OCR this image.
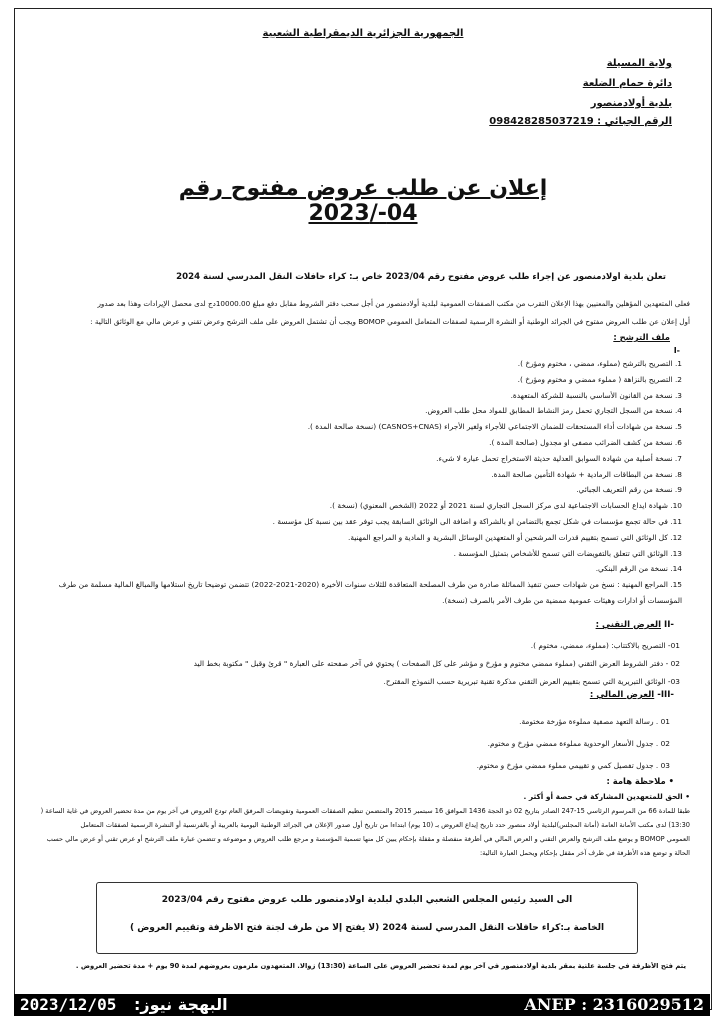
الجمهورية الجزائرية الديمقراطية الشعبية
ولاية المسيلة
دائرة حمام الضلعة
بلدية أولادمنصور
الرقم الجبائي : 098428285037219
إعلان عن طلب عروض مفتوح رقم 04-/2023
تعلن بلدية أولادمنصور عن إجراء طلب عروض مفتوح رقم 2023/04 خاص بـ: كراء حافلات النقل المدرسي لسنة 2024
فعلى المتعهدين المؤهلين والمعنيين بهذا الإعلان التقرب من مكتب الصفقات العمومية لبلدية أولادمنصور من أجل سحب دفتر الشروط مقابل دفع مبلغ 10000.00دج لدى محصل الإيرادات وهذا بعد صدور
أول إعلان عن طلب العروض مفتوح في الجرائد الوطنية أو النشرة الرسمية لصفقات المتعامل العمومي BOMOP ويجب أن تشتمل العروض على ملف الترشح وعرض تقني و عرض مالي مع الوثائق التالية :
ملف الترشح :
-I
1. التصريح بالترشح (مملوء، ممضي ، مختوم ومؤرخ ).
2. التصريح بالنزاهة ( مملوء ممضي و مختوم ومؤرخ ).
3. نسخة من القانون الأساسي بالنسبة للشركة المتعهدة.
4. نسخة من السجل التجاري تحمل رمز النشاط المطابق للمواد محل طلب العروض.
5. نسخة من شهادات أداء المستحقات للضمان الاجتماعي للأجراء ولغير الأجراء (CASNOS+CNAS) (نسخة صالحة المدة ).
6. نسخة من كشف الضرائب مصفى او مجدول (صالحة المدة ).
7. نسخة أصلية من شهادة السوابق العدلية حديثة الاستخراج تحمل عبارة لا شيء.
8. نسخة من البطاقات الرمادية + شهادة التأمين صالحة المدة.
9. نسخة من رقم التعريف الجبائي.
10. شهادة ايداع الحسابات الاجتماعية لدى مركز السجل التجاري لسنة 2021 أو 2022 (الشخص المعنوي) (نسخة ).
11. في حالة تجمع مؤسسات في شكل تجمع بالتضامن او بالشراكة و اضافة الى الوثائق السابقة يجب توفر عقد بين نسبة كل مؤسسة .
12. كل الوثائق التي تسمح بتقييم قدرات المرشحين أو المتعهدين الوسائل البشرية و المادية و المراجع المهنية.
13. الوثائق التي تتعلق بالتفويضات التي تسمح للأشخاص بتمثيل المؤسسة .
14. نسخة من الرقم البنكي.
15. المراجع المهنية : نسخ من شهادات حسن تنفيذ المماثلة صادرة من طرف المصلحة المتعاقدة للثلاث سنوات الأخيرة (2020-2021-2022) تتضمن توضيحا تاريخ استلامها والمبالغ المالية مسلمة من طرف
المؤسسات أو ادارات وهيئات عمومية ممضية من طرف الأمر بالصرف (نسخة).
-II العرض التقني :
01- التصريح بالاكتتاب: (مملوء، ممضي، مختوم ).
02 - دفتر الشروط العرض التقني (مملوء ممضي مختوم و مؤرخ و مؤشر على كل الصفحات ) يحتوي في آخر صفحته على العبارة " قرئ وقبل " مكتوبة بخط اليد
03- الوثائق التبريرية التي تسمح بتقييم العرض التقني مذكرة تقنية تبريرية حسب النموذج المقترح.
-III- العرض المالي :
01 . رسالة التعهد مصفية مملوءة مؤرخة مختومة.
02 . جدول الأسعار الوحدوية مملوءة ممضي مؤرخ و مختوم.
03 . جدول تفصيل كمي و تقييمي مملوء ممضي مؤرخ و مختوم.
• ملاحظة هامة :
• الحق للمتعهدين المشاركة في حصة أو أكثر .
طبقا للمادة 66 من المرسوم الرئاسي 15-247 الصادر بتاريخ 02 ذو الحجة 1436 الموافق 16 سبتمبر 2015 والمتضمن تنظيم الصفقات العمومية وتفويضات المرفق العام تودع العروض في آخر يوم من مدة تحضير العروض في غاية الساعة (
13:30) لدى مكتب الأمانة العامة (أمانة المجلس)لبلدية أولاد منصور حدد تاريخ إيداع العروض بـ (10 يوم) ابتداءا من تاريخ أول صدور الإعلان في الجرائد الوطنية اليومية بالعربية أو بالفرنسية أو النشرة الرسمية لصفقات المتعامل
العمومي BOMOP و يوضع ملف الترشح والعرض التقني و العرض المالي في أظرفة منفصلة و مقفلة بإحكام يبين كل منها تسمية المؤسسة و مرجع طلب العروض و موضوعه و تتضمن عبارة ملف الترشح أو عرض تقني أو عرض مالي حسب
الحالة و توضع هذه الأظرفة في ظرف آخر مقفل بإحكام ويحمل العبارة التالية:
الى السيد رئيس المجلس الشعبي البلدي لبلدية أولادمنصور طلب عروض مفتوح رقم 2023/04
الخاصة بـ:كراء حافلات النقل المدرسي لسنة 2024 (لا يفتح إلا من طرف لجنة فتح الأظرفة وتقييم العروض )
يتم فتح الأظرفة في جلسة علنية بمقر بلدية أولادمنصور في آخر يوم لمدة تحضير العروض على الساعة (13:30) زوالا. المتعهدون ملزمون بعروضهم لمدة 90 يوم + مدة تحضير العروض .
2023/12/05 البهجة نيوز:	ANEP : 2316029512
